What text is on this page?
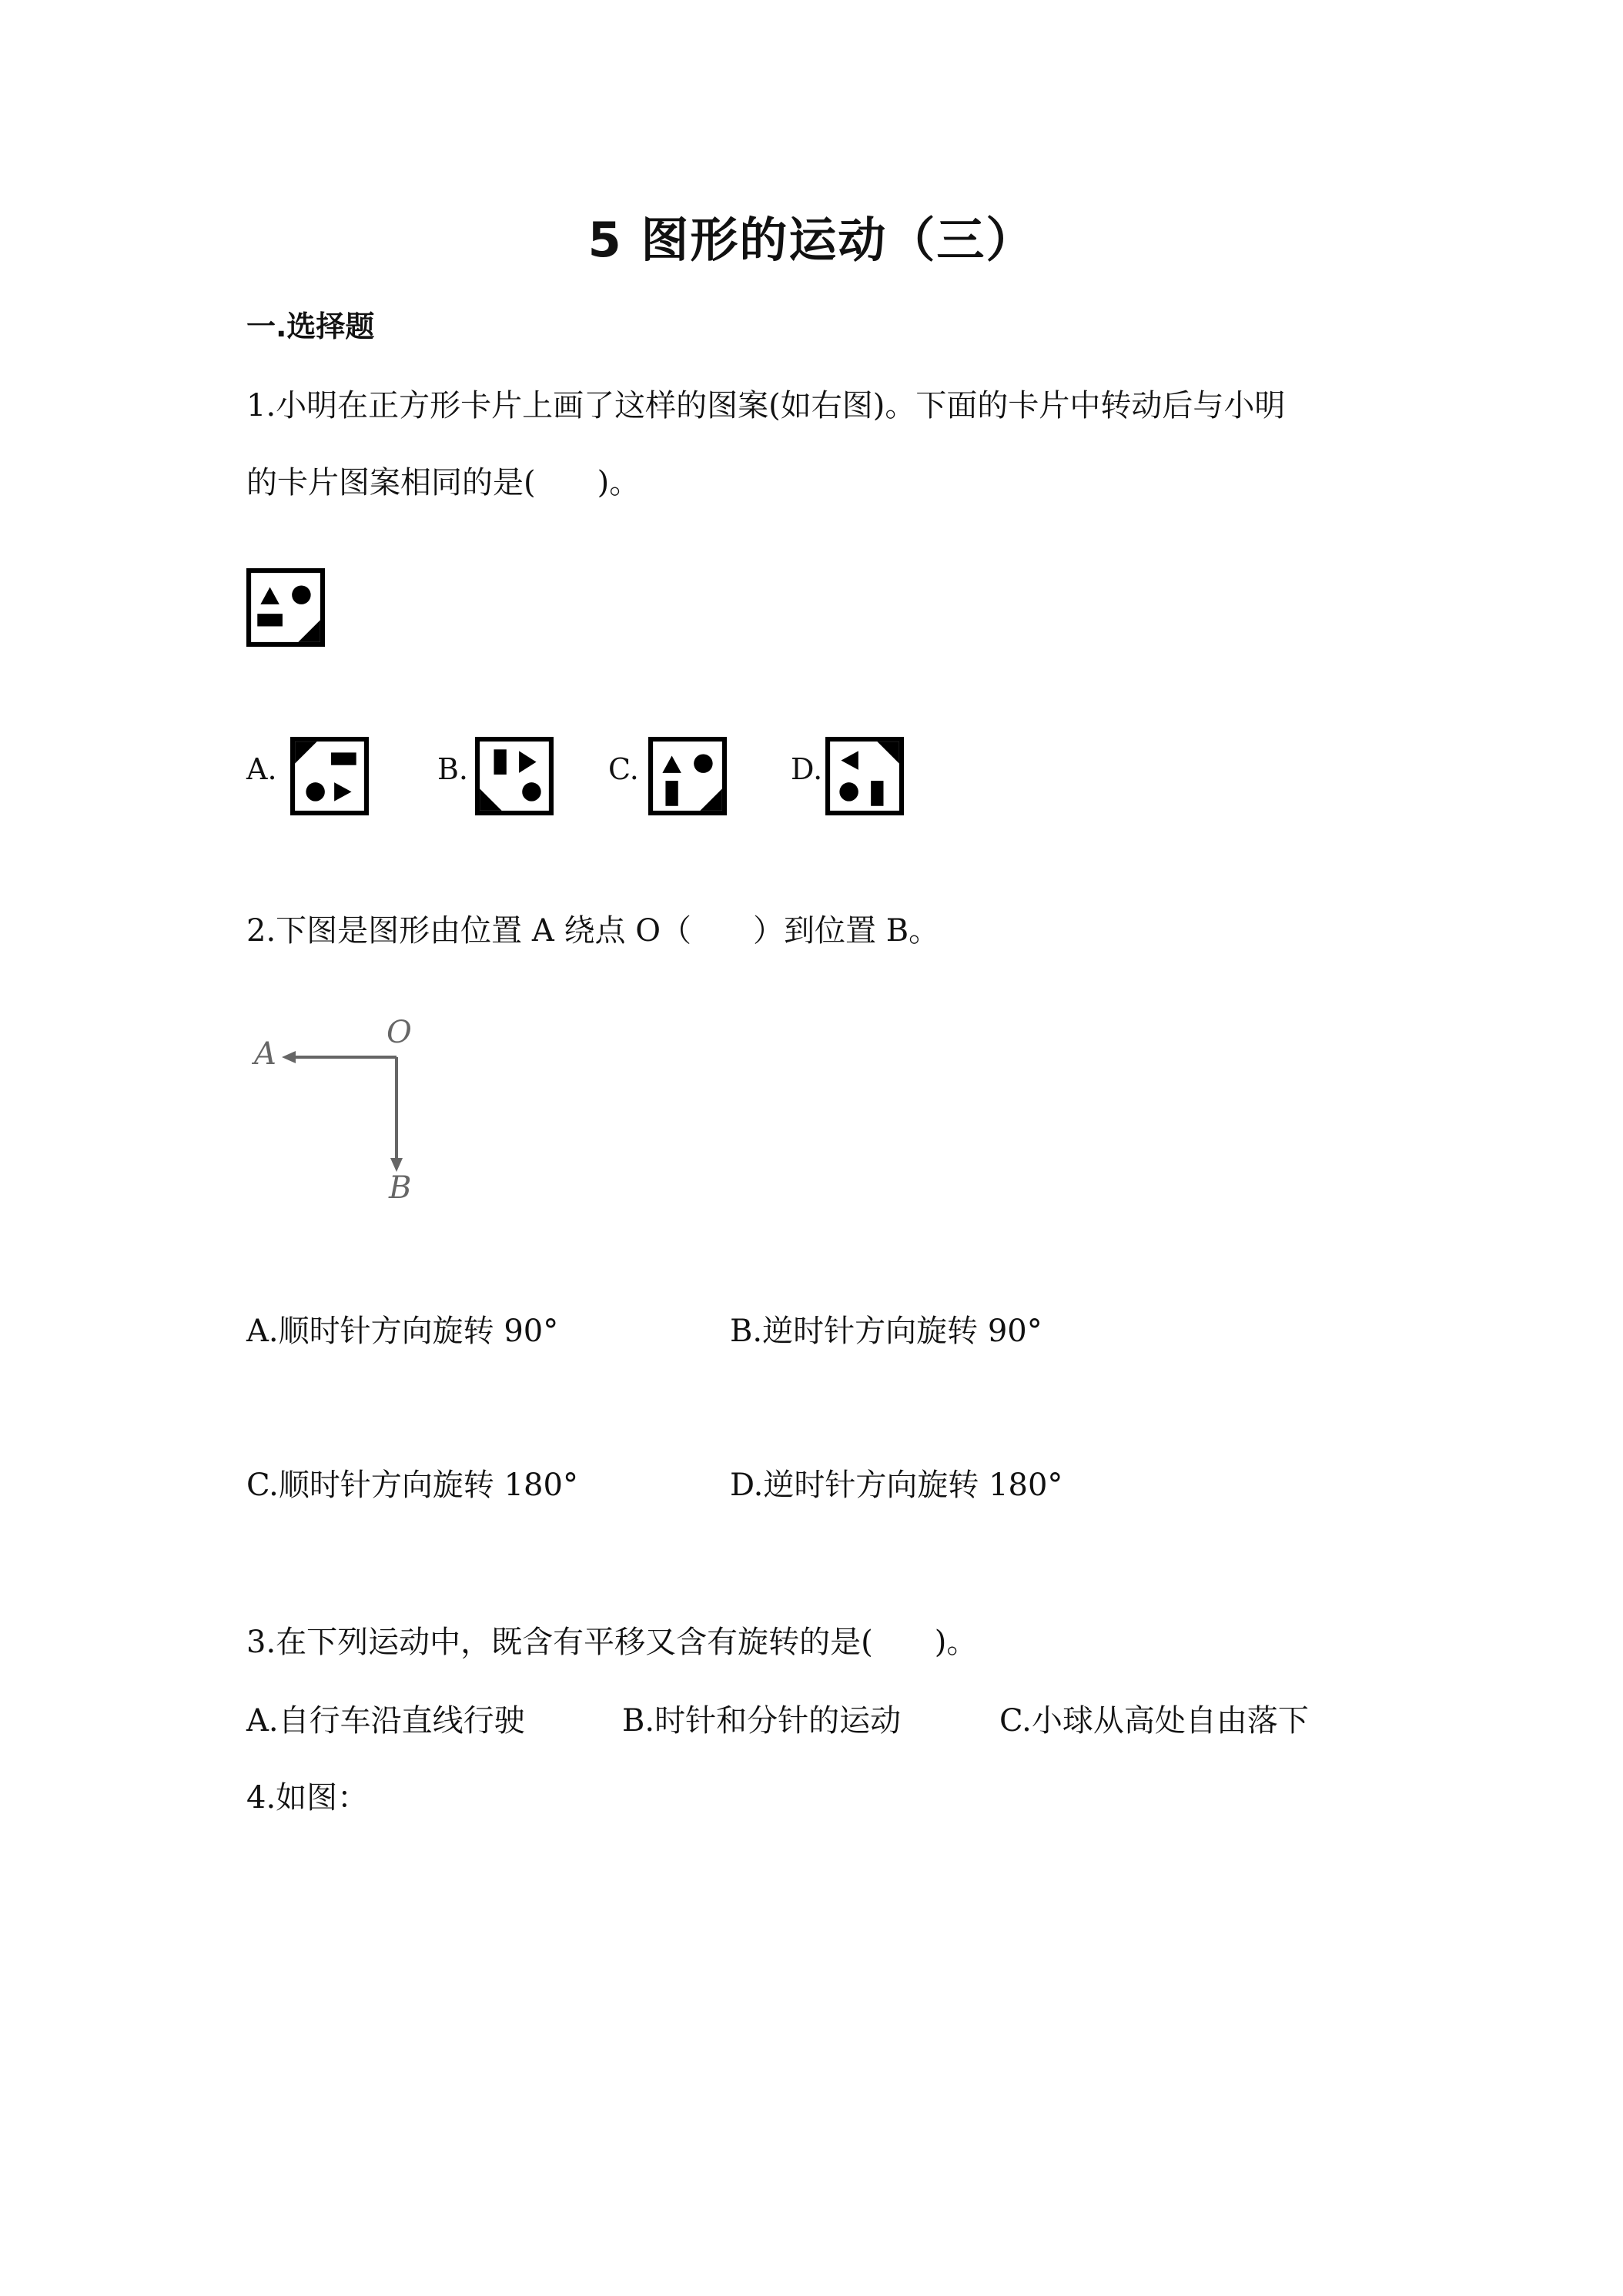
5 图形的运动（三）
一.选择题
1.小明在正方形卡片上画了这样的图案(如右图)。下面的卡片中转动后与小明
的卡片图案相同的是(　　)。
A.	B.	C.	D.
2.下图是图形由位置 A 绕点 O（　　）到位置 B。
A
O
B
A.顺时针方向旋转 90°	B.逆时针方向旋转 90°
C.顺时针方向旋转 180°	D.逆时针方向旋转 180°
3.在下列运动中，既含有平移又含有旋转的是(　　)。
A.自行车沿直线行驶	B.时针和分针的运动	C.小球从高处自由落下
4.如图：
